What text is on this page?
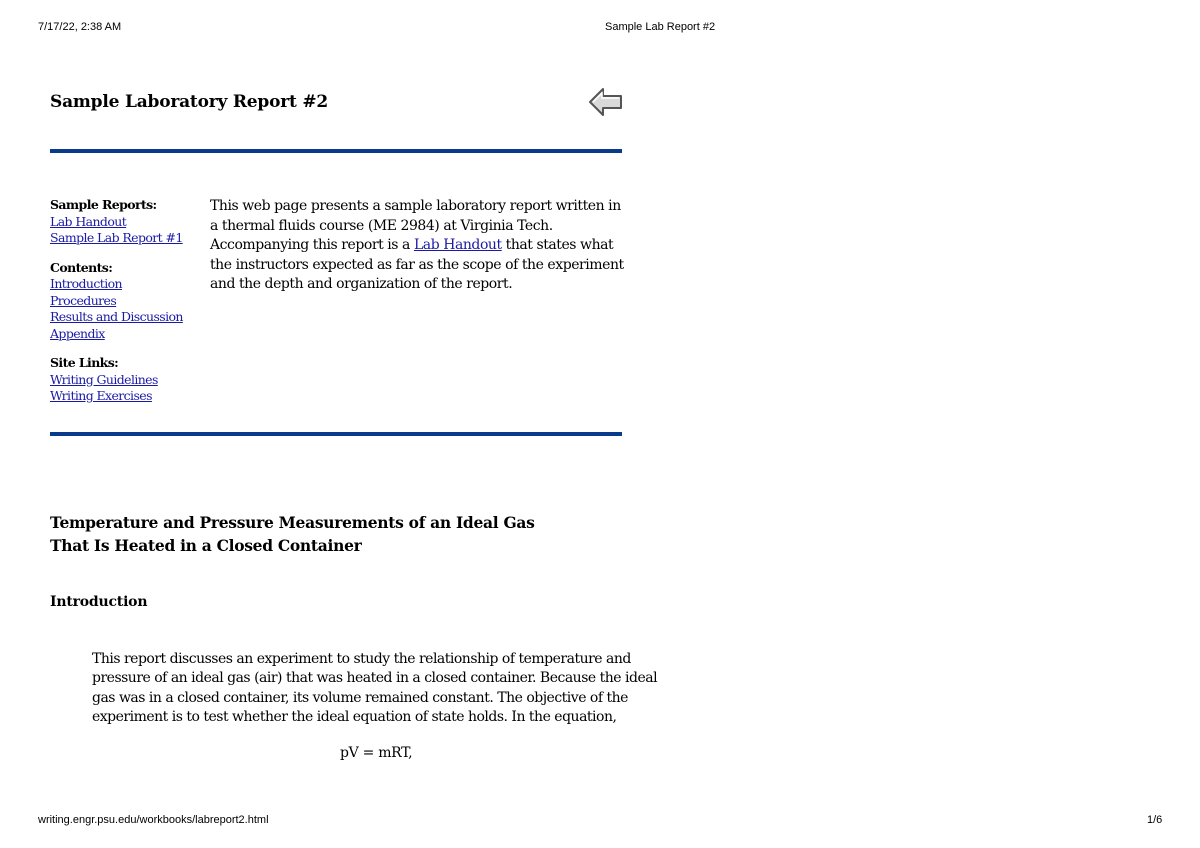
7/17/22, 2:38 AM	Sample Lab Report #2
Sample Laboratory Report #2
Sample Reports:
Lab Handout
Sample Lab Report #1
Contents:
Introduction
Procedures
Results and Discussion
Appendix
Site Links:
Writing Guidelines
Writing Exercises

This web page presents a sample laboratory report written in a thermal fluids course (ME 2984) at Virginia Tech. Accompanying this report is a Lab Handout that states what the instructors expected as far as the scope of the experiment and the depth and organization of the report.

Temperature and Pressure Measurements of an Ideal Gas
That Is Heated in a Closed Container
Introduction

This report discusses an experiment to study the relationship of temperature and pressure of an ideal gas (air) that was heated in a closed container. Because the ideal gas was in a closed container, its volume remained constant. The objective of the experiment is to test whether the ideal equation of state holds. In the equation,

pV = mRT,
writing.engr.psu.edu/workbooks/labreport2.html	1/6
